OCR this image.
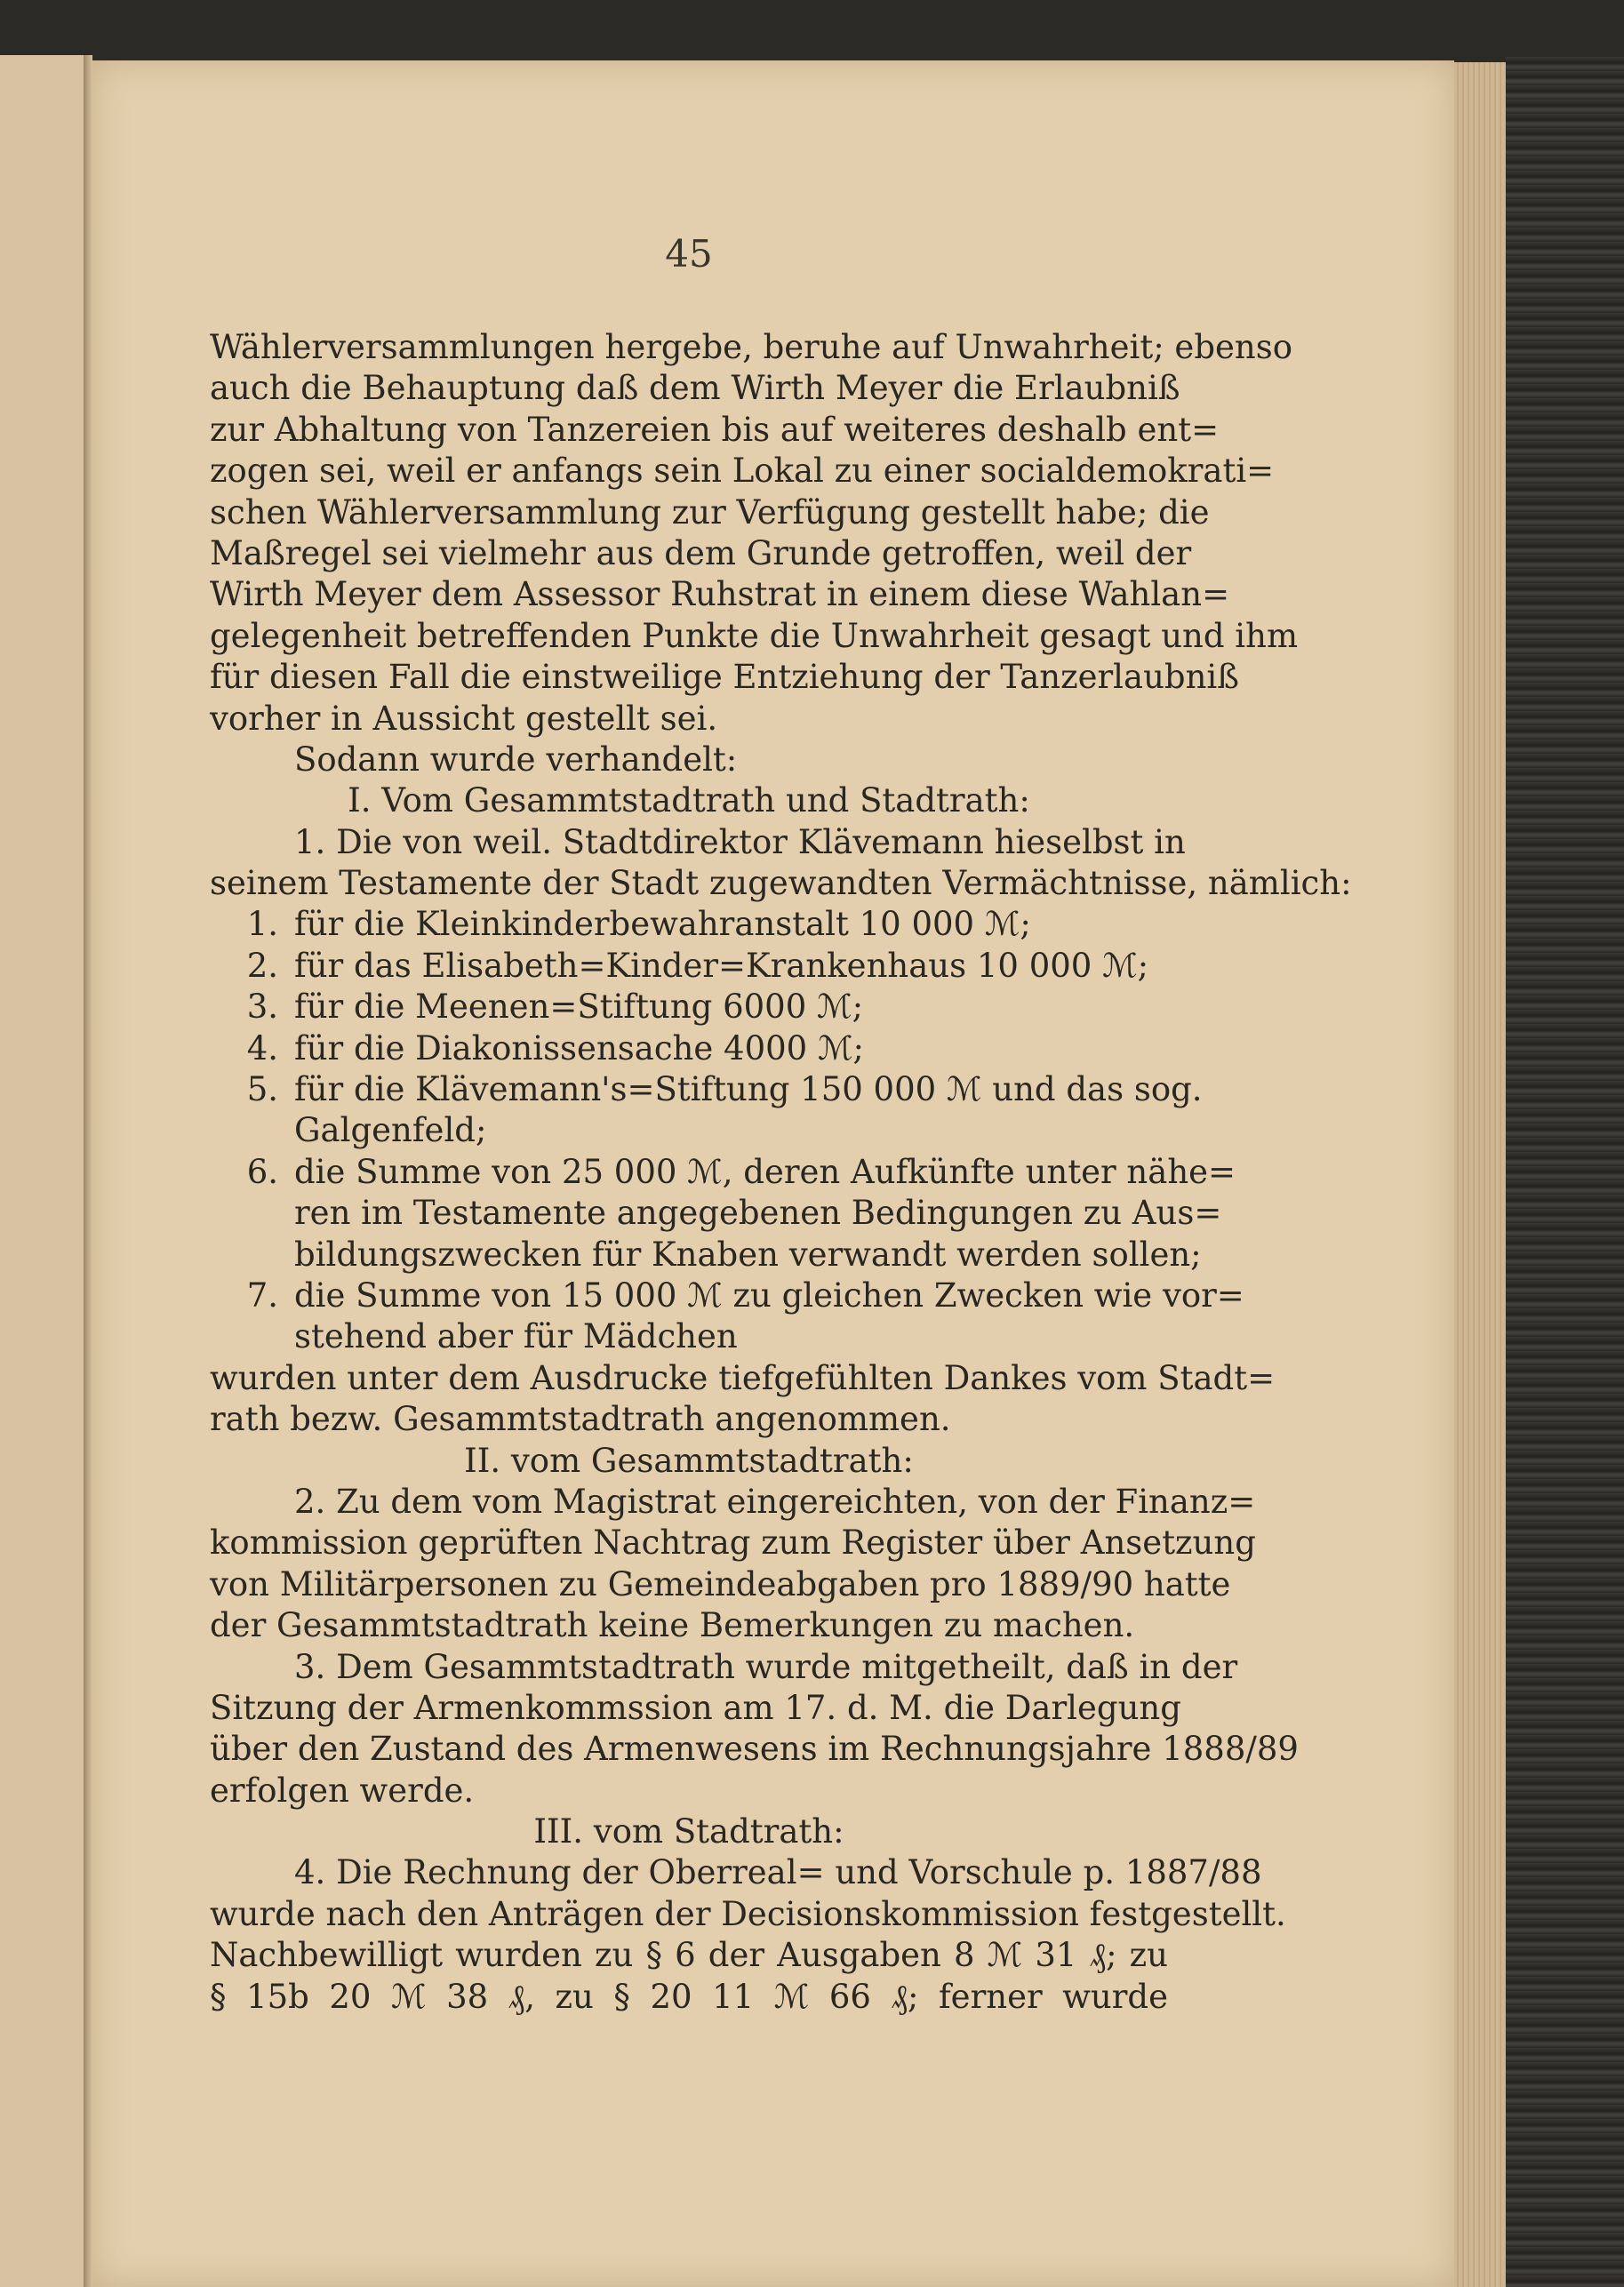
45
Wählerversammlungen hergebe, beruhe auf Unwahrheit; ebenso
auch die Behauptung daß dem Wirth Meyer die Erlaubniß
zur Abhaltung von Tanzereien bis auf weiteres deshalb ent=
zogen sei, weil er anfangs sein Lokal zu einer socialdemokrati=
schen Wählerversammlung zur Verfügung gestellt habe; die
Maßregel sei vielmehr aus dem Grunde getroffen, weil der
Wirth Meyer dem Assessor Ruhstrat in einem diese Wahlan=
gelegenheit betreffenden Punkte die Unwahrheit gesagt und ihm
für diesen Fall die einstweilige Entziehung der Tanzerlaubniß
vorher in Aussicht gestellt sei.
Sodann wurde verhandelt:
I. Vom Gesammtstadtrath und Stadtrath:
1. Die von weil. Stadtdirektor Klävemann hieselbst in
seinem Testamente der Stadt zugewandten Vermächtnisse, nämlich:
1. für die Kleinkinderbewahranstalt 10 000 ℳ;
2. für das Elisabeth=Kinder=Krankenhaus 10 000 ℳ;
3. für die Meenen=Stiftung 6000 ℳ;
4. für die Diakonissensache 4000 ℳ;
5. für die Klävemann's=Stiftung 150 000 ℳ und das sog.
Galgenfeld;
6. die Summe von 25 000 ℳ, deren Aufkünfte unter nähe=
ren im Testamente angegebenen Bedingungen zu Aus=
bildungszwecken für Knaben verwandt werden sollen;
7. die Summe von 15 000 ℳ zu gleichen Zwecken wie vor=
stehend aber für Mädchen
wurden unter dem Ausdrucke tiefgefühlten Dankes vom Stadt=
rath bezw. Gesammtstadtrath angenommen.
II. vom Gesammtstadtrath:
2. Zu dem vom Magistrat eingereichten, von der Finanz=
kommission geprüften Nachtrag zum Register über Ansetzung
von Militärpersonen zu Gemeindeabgaben pro 1889/90 hatte
der Gesammtstadtrath keine Bemerkungen zu machen.
3. Dem Gesammtstadtrath wurde mitgetheilt, daß in der
Sitzung der Armenkommssion am 17. d. M. die Darlegung
über den Zustand des Armenwesens im Rechnungsjahre 1888/89
erfolgen werde.
III. vom Stadtrath:
4. Die Rechnung der Oberreal= und Vorschule p. 1887/88
wurde nach den Anträgen der Decisionskommission festgestellt.
Nachbewilligt wurden zu § 6 der Ausgaben 8 ℳ 31 ₰; zu
§ 15b 20 ℳ 38 ₰, zu § 20 11 ℳ 66 ₰; ferner wurde
